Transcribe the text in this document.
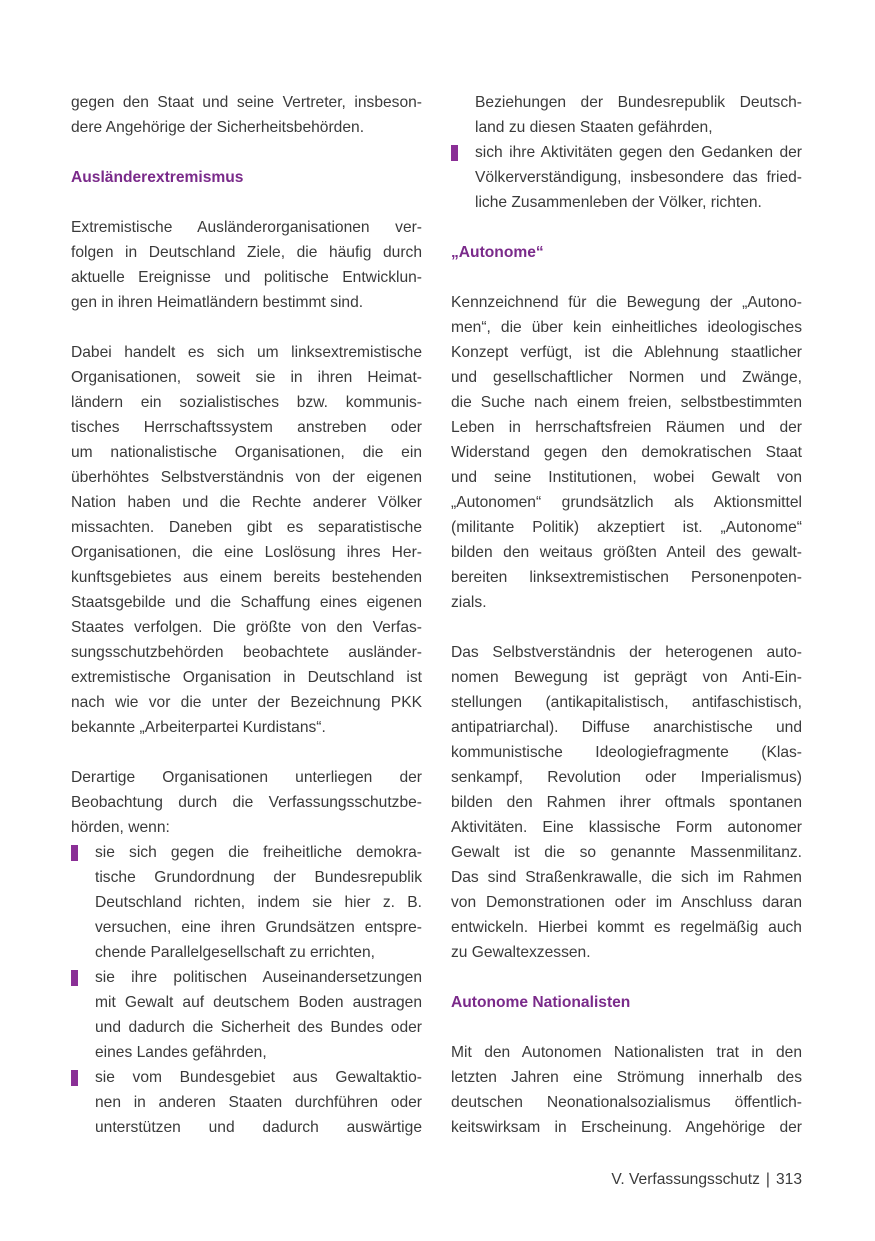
gegen den Staat und seine Vertreter, insbeson-
dere Angehörige der Sicherheitsbehörden.
Ausländerextremismus
Extremistische Ausländerorganisationen ver-
folgen in Deutschland Ziele, die häufig durch
aktuelle Ereignisse und politische Entwicklun-
gen in ihren Heimatländern bestimmt sind.
Dabei handelt es sich um linksextremistische
Organisationen, soweit sie in ihren Heimat-
ländern ein sozialistisches bzw. kommunis-
tisches Herrschaftssystem anstreben oder
um nationalistische Organisationen, die ein
überhöhtes Selbstverständnis von der eigenen
Nation haben und die Rechte anderer Völker
missachten. Daneben gibt es separatistische
Organisationen, die eine Loslösung ihres Her-
kunftsgebietes aus einem bereits bestehenden
Staatsgebilde und die Schaffung eines eigenen
Staates verfolgen. Die größte von den Verfas-
sungsschutzbehörden beobachtete ausländer-
extremistische Organisation in Deutschland ist
nach wie vor die unter der Bezeichnung PKK
bekannte „Arbeiterpartei Kurdistans“.
Derartige Organisationen unterliegen der
Beobachtung durch die Verfassungsschutzbe-
hörden, wenn:
sie sich gegen die freiheitliche demokra-
tische Grundordnung der Bundesrepublik
Deutschland richten, indem sie hier z. B.
versuchen, eine ihren Grundsätzen entspre-
chende Parallelgesellschaft zu errichten,
sie ihre politischen Auseinandersetzungen
mit Gewalt auf deutschem Boden austragen
und dadurch die Sicherheit des Bundes oder
eines Landes gefährden,
sie vom Bundesgebiet aus Gewaltaktio-
nen in anderen Staaten durchführen oder
unterstützen und dadurch auswärtige
Beziehungen der Bundesrepublik Deutsch-
land zu diesen Staaten gefährden,
sich ihre Aktivitäten gegen den Gedanken der
Völkerverständigung, insbesondere das fried-
liche Zusammenleben der Völker, richten.
„Autonome“
Kennzeichnend für die Bewegung der „Autono-
men“, die über kein einheitliches ideologisches
Konzept verfügt, ist die Ablehnung staatlicher
und gesellschaftlicher Normen und Zwänge,
die Suche nach einem freien, selbstbestimmten
Leben in herrschaftsfreien Räumen und der
Widerstand gegen den demokratischen Staat
und seine Institutionen, wobei Gewalt von
„Autonomen“ grundsätzlich als Aktionsmittel
(militante Politik) akzeptiert ist. „Autonome“
bilden den weitaus größten Anteil des gewalt-
bereiten linksextremistischen Personenpoten-
zials.
Das Selbstverständnis der heterogenen auto-
nomen Bewegung ist geprägt von Anti-Ein-
stellungen (antikapitalistisch, antifaschistisch,
antipatriarchal). Diffuse anarchistische und
kommunistische Ideologiefragmente (Klas-
senkampf, Revolution oder Imperialismus)
bilden den Rahmen ihrer oftmals spontanen
Aktivitäten. Eine klassische Form autonomer
Gewalt ist die so genannte Massenmilitanz.
Das sind Straßenkrawalle, die sich im Rahmen
von Demonstrationen oder im Anschluss daran
entwickeln. Hierbei kommt es regelmäßig auch
zu Gewaltexzessen.
Autonome Nationalisten
Mit den Autonomen Nationalisten trat in den
letzten Jahren eine Strömung innerhalb des
deutschen Neonationalsozialismus öffentlich-
keitswirksam in Erscheinung. Angehörige der
V. Verfassungsschutz | 313
